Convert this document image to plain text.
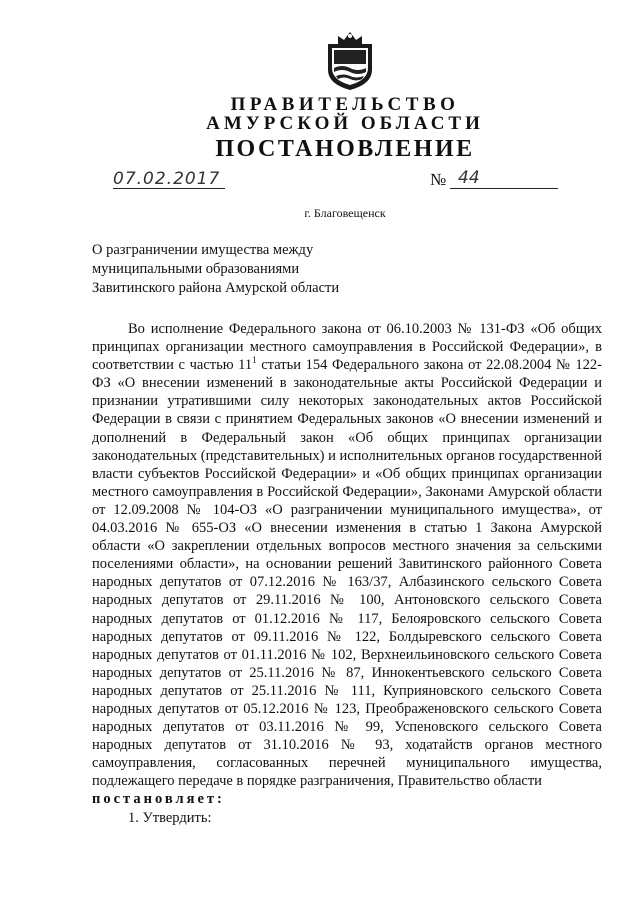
ПРАВИТЕЛЬСТВО
АМУРСКОЙ ОБЛАСТИ
ПОСТАНОВЛЕНИЕ
07.02.2017	№ 44
г. Благовещенск
О разграничении имущества между муниципальными образованиями Завитинского района Амурской области

Во исполнение Федерального закона от 06.10.2003 № 131-ФЗ «Об общих принципах организации местного самоуправления в Российской Федерации», в соответствии с частью $11^1$ статьи 154 Федерального закона от 22.08.2004 № 122-ФЗ «О внесении изменений в законодательные акты Российской Федерации и признании утратившими силу некоторых законодательных актов Российской Федерации в связи с принятием Федеральных законов «О внесении изменений и дополнений в Федеральный закон «Об общих принципах организации законодательных (представительных) и исполнительных органов государственной власти субъектов Российской Федерации» и «Об общих принципах организации местного самоуправления в Российской Федерации», Законами Амурской области от 12.09.2008 № 104-ОЗ «О разграничении муниципального имущества», от 04.03.2016 № 655-ОЗ «О внесении изменения в статью 1 Закона Амурской области «О закреплении отдельных вопросов местного значения за сельскими поселениями области», на основании решений Завитинского районного Совета народных депутатов от 07.12.2016 № 163/37, Албазинского сельского Совета народных депутатов от 29.11.2016 № 100, Антоновского сельского Совета народных депутатов от 01.12.2016 № 117, Белояровского сельского Совета народных депутатов от 09.11.2016 № 122, Болдыревского сельского Совета народных депутатов от 01.11.2016 № 102, Верхнеильиновского сельского Совета народных депутатов от 25.11.2016 № 87, Иннокентьевского сельского Совета народных депутатов от 25.11.2016 № 111, Куприяновского сельского Совета народных депутатов от 05.12.2016 № 123, Преображеновского сельского Совета народных депутатов от 03.11.2016 № 99, Успеновского сельского Совета народных депутатов от 31.10.2016 № 93, ходатайств органов местного самоуправления, согласованных перечней муниципального имущества, подлежащего передаче в порядке разграничения, Правительство области

постановляет:

1. Утвердить:
